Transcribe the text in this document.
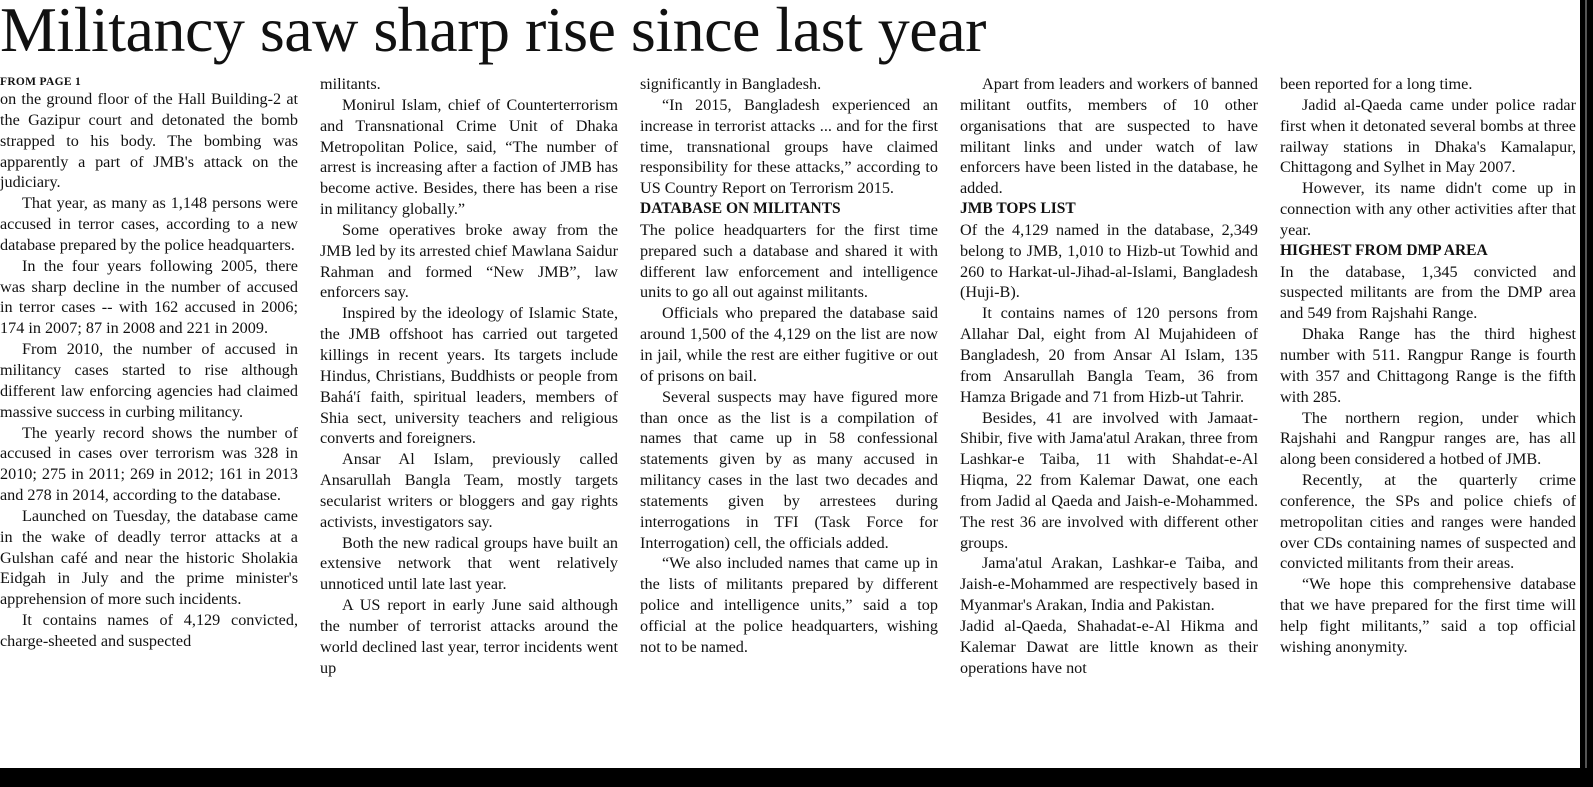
Militancy saw sharp rise since last year
FROM PAGE 1

on the ground floor of the Hall Building-2 at the Gazipur court and detonated the bomb strapped to his body. The bombing was apparently a part of JMB's attack on the judiciary.

That year, as many as 1,148 persons were accused in terror cases, according to a new database prepared by the police headquarters.

In the four years following 2005, there was sharp decline in the number of accused in terror cases -- with 162 accused in 2006; 174 in 2007; 87 in 2008 and 221 in 2009.

From 2010, the number of accused in militancy cases started to rise although different law enforcing agencies had claimed massive success in curbing militancy.

The yearly record shows the number of accused in cases over terrorism was 328 in 2010; 275 in 2011; 269 in 2012; 161 in 2013 and 278 in 2014, according to the database.

Launched on Tuesday, the database came in the wake of deadly terror attacks at a Gulshan café and near the historic Sholakia Eidgah in July and the prime minister's apprehension of more such incidents.

It contains names of 4,129 convicted, charge-sheeted and suspected

militants.

Monirul Islam, chief of Counterterrorism and Transnational Crime Unit of Dhaka Metropolitan Police, said, “The number of arrest is increasing after a faction of JMB has become active. Besides, there has been a rise in militancy globally.”

Some operatives broke away from the JMB led by its arrested chief Mawlana Saidur Rahman and formed “New JMB”, law enforcers say.

Inspired by the ideology of Islamic State, the JMB offshoot has carried out targeted killings in recent years. Its targets include Hindus, Christians, Buddhists or people from Bahá'í faith, spiritual leaders, members of Shia sect, university teachers and religious converts and foreigners.

Ansar Al Islam, previously called Ansarullah Bangla Team, mostly targets secularist writers or bloggers and gay rights activists, investigators say.

Both the new radical groups have built an extensive network that went relatively unnoticed until late last year.

A US report in early June said although the number of terrorist attacks around the world declined last year, terror incidents went up

significantly in Bangladesh.

“In 2015, Bangladesh experienced an increase in terrorist attacks ... and for the first time, transnational groups have claimed responsibility for these attacks,” according to US Country Report on Terrorism 2015.

DATABASE ON MILITANTS

The police headquarters for the first time prepared such a database and shared it with different law enforcement and intelligence units to go all out against militants.

Officials who prepared the database said around 1,500 of the 4,129 on the list are now in jail, while the rest are either fugitive or out of prisons on bail.

Several suspects may have figured more than once as the list is a compilation of names that came up in 58 confessional statements given by as many accused in militancy cases in the last two decades and statements given by arrestees during interrogations in TFI (Task Force for Interrogation) cell, the officials added.

“We also included names that came up in the lists of militants prepared by different police and intelligence units,” said a top official at the police headquarters, wishing not to be named.

Apart from leaders and workers of banned militant outfits, members of 10 other organisations that are suspected to have militant links and under watch of law enforcers have been listed in the database, he added.

JMB TOPS LIST

Of the 4,129 named in the database, 2,349 belong to JMB, 1,010 to Hizb-ut Towhid and 260 to Harkat-ul-Jihad-al-Islami, Bangladesh (Huji-B).

It contains names of 120 persons from Allahar Dal, eight from Al Mujahideen of Bangladesh, 20 from Ansar Al Islam, 135 from Ansarullah Bangla Team, 36 from Hamza Brigade and 71 from Hizb-ut Tahrir.

Besides, 41 are involved with Jamaat-Shibir, five with Jama'atul Arakan, three from Lashkar-e Taiba, 11 with Shahdat-e-Al Hiqma, 22 from Kalemar Dawat, one each from Jadid al Qaeda and Jaish-e-Mohammed. The rest 36 are involved with different other groups.

Jama'atul Arakan, Lashkar-e Taiba, and Jaish-e-Mohammed are respectively based in Myanmar's Arakan, India and Pakistan.

Jadid al-Qaeda, Shahadat-e-Al Hikma and Kalemar Dawat are little known as their operations have not

been reported for a long time.

Jadid al-Qaeda came under police radar first when it detonated several bombs at three railway stations in Dhaka's Kamalapur, Chittagong and Sylhet in May 2007.

However, its name didn't come up in connection with any other activities after that year.

HIGHEST FROM DMP AREA

In the database, 1,345 convicted and suspected militants are from the DMP area and 549 from Rajshahi Range.

Dhaka Range has the third highest number with 511. Rangpur Range is fourth with 357 and Chittagong Range is the fifth with 285.

The northern region, under which Rajshahi and Rangpur ranges are, has all along been considered a hotbed of JMB.

Recently, at the quarterly crime conference, the SPs and police chiefs of metropolitan cities and ranges were handed over CDs containing names of suspected and convicted militants from their areas.

“We hope this comprehensive database that we have prepared for the first time will help fight militants,” said a top official wishing anonymity.
